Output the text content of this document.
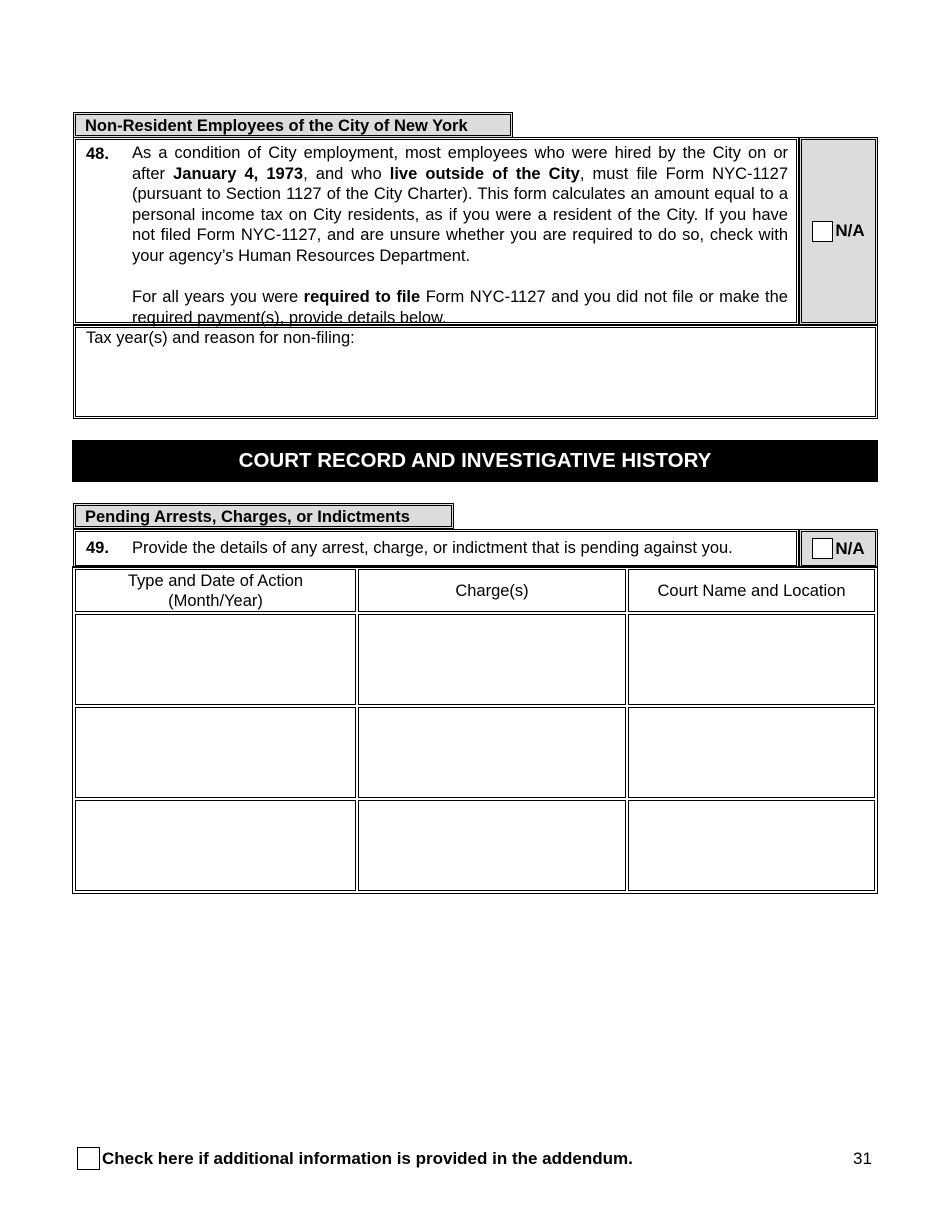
Non-Resident Employees of the City of New York
48. As a condition of City employment, most employees who were hired by the City on or after January 4, 1973, and who live outside of the City, must file Form NYC-1127 (pursuant to Section 1127 of the City Charter). This form calculates an amount equal to a personal income tax on City residents, as if you were a resident of the City. If you have not filed Form NYC-1127, and are unsure whether you are required to do so, check with your agency’s Human Resources Department.

For all years you were required to file Form NYC-1127 and you did not file or make the required payment(s), provide details below.

N/A
Tax year(s) and reason for non-filing:
COURT RECORD AND INVESTIGATIVE HISTORY
Pending Arrests, Charges, or Indictments
49. Provide the details of any arrest, charge, or indictment that is pending against you.	N/A
Type and Date of Action
(Month/Year)	Charge(s)	Court Name and Location

Check here if additional information is provided in the addendum.	31
